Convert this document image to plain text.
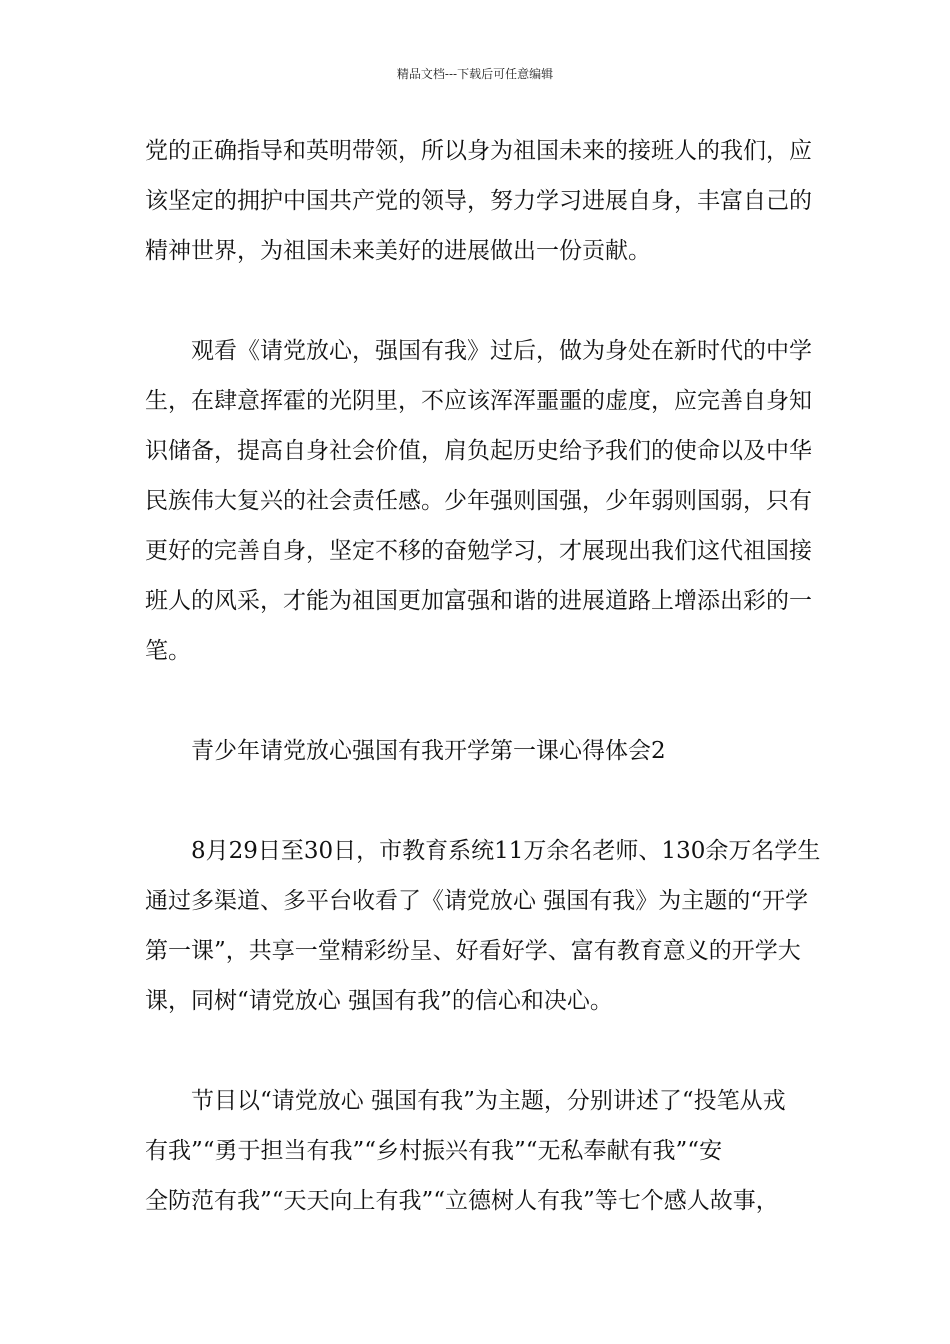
精品文档---下载后可任意编辑
党的正确指导和英明带领，所以身为祖国未来的接班人的我们，应
该坚定的拥护中国共产党的领导，努力学习进展自身，丰富自己的
精神世界，为祖国未来美好的进展做出一份贡献。
观看《请党放心，强国有我》过后，做为身处在新时代的中学
生，在肆意挥霍的光阴里，不应该浑浑噩噩的虚度，应完善自身知
识储备，提高自身社会价值，肩负起历史给予我们的使命以及中华
民族伟大复兴的社会责任感。少年强则国强，少年弱则国弱，只有
更好的完善自身，坚定不移的奋勉学习，才展现出我们这代祖国接
班人的风采，才能为祖国更加富强和谐的进展道路上增添出彩的一
笔。
青少年请党放心强国有我开学第一课心得体会2
8月29日至30日，市教育系统11万余名老师、130余万名学生
通过多渠道、多平台收看了《请党放心 强国有我》为主题的“开学
第一课”，共享一堂精彩纷呈、好看好学、富有教育意义的开学大
课，同树“请党放心 强国有我”的信心和决心。
节目以“请党放心 强国有我”为主题，分别讲述了“投笔从戎
有我”“勇于担当有我”“乡村振兴有我”“无私奉献有我”“安
全防范有我”“天天向上有我”“立德树人有我”等七个感人故事，
